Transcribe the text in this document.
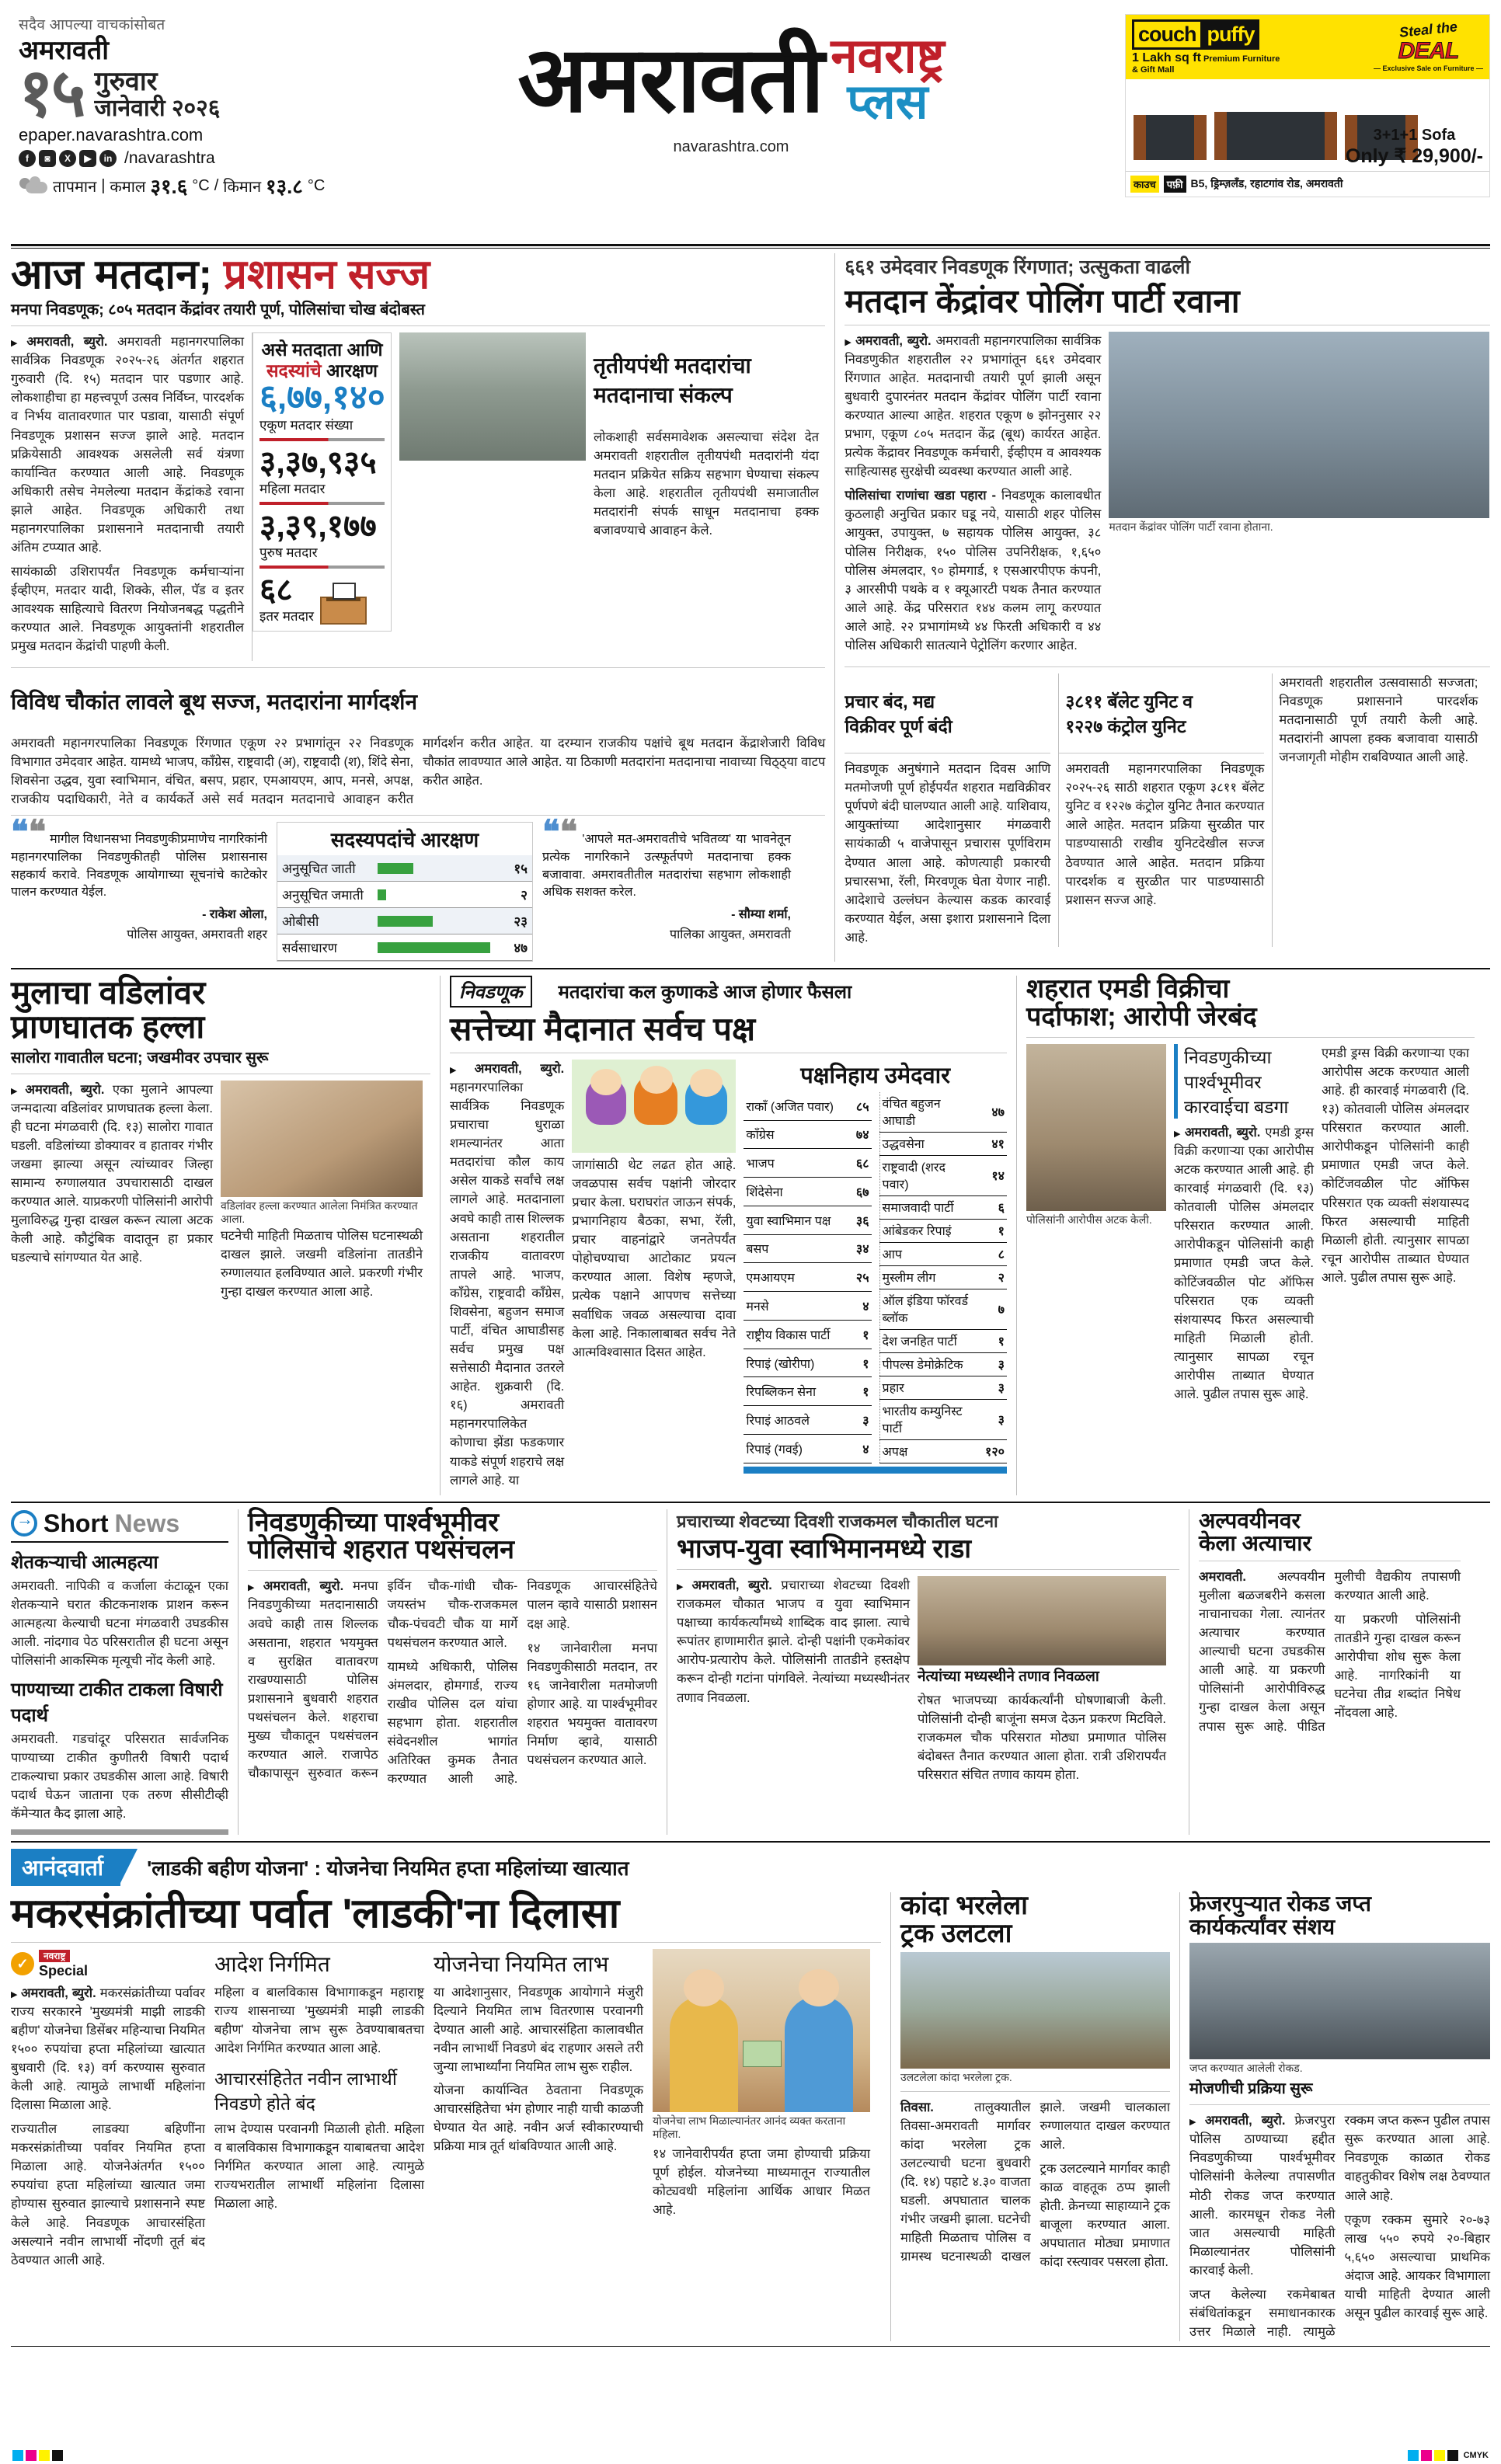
सदैव आपल्या वाचकांसोबत
अमरावती
१५ गुरुवार
जानेवारी २०२६
epaper.navarashtra.com
f	◙	X	▶	in /navarashtra
तापमान | कमाल ३१.६ °C / किमान १३.८ °C
अमरावती नवराष्ट्र
प्लस
navarashtra.com
couch puffy
1 Lakh sq ft Premium Furniture
& Gift Mall
Steal the
DEAL
— Exclusive Sale on Furniture —
3+1+1 Sofa
Only ₹ 29,900/-
काउच	पफ़ी B5, ड्रिम्ज़लँड, रहाटगांव रोड, अमरावती
आज मतदान; प्रशासन सज्ज
मनपा निवडणूक; ८०५ मतदान केंद्रांवर तयारी पूर्ण, पोलिसांचा चोख बंदोबस्त

▶ अमरावती, ब्युरो. अमरावती महानगरपालिका सार्वत्रिक निवडणूक २०२५-२६ अंतर्गत शहरात गुरुवारी (दि. १५) मतदान पार पडणार आहे. लोकशाहीचा हा महत्त्वपूर्ण उत्सव निर्विघ्न, पारदर्शक व निर्भय वातावरणात पार पडावा, यासाठी संपूर्ण निवडणूक प्रशासन सज्ज झाले आहे. मतदान प्रक्रियेसाठी आवश्यक असलेली सर्व यंत्रणा कार्यान्वित करण्यात आली आहे. निवडणूक अधिकारी तसेच नेमलेल्या मतदान केंद्रांकडे रवाना झाले आहेत. निवडणूक अधिकारी तथा महानगरपालिका प्रशासनाने मतदानाची तयारी अंतिम टप्प्यात आहे.

सायंकाळी उशिरापर्यंत निवडणूक कर्मचाऱ्यांना ईव्हीएम, मतदार यादी, शिक्के, सील, पॅड व इतर आवश्यक साहित्याचे वितरण नियोजनबद्ध पद्धतीने करण्यात आले. निवडणूक आयुक्तांनी शहरातील प्रमुख मतदान केंद्रांची पाहणी केली.

असे मतदाता आणि
सदस्यांचे आरक्षण
६,७७,१४०
एकूण मतदार संख्या
३,३७,९३५
महिला मतदार
३,३९,१७७
पुरुष मतदार
६८
इतर मतदार
तृतीयपंथी मतदारांचा
मतदानाचा संकल्प
लोकशाही सर्वसमावेशक असल्याचा संदेश देत अमरावती शहरातील तृतीयपंथी मतदारांनी यंदा मतदान प्रक्रियेत सक्रिय सहभाग घेण्याचा संकल्प केला आहे. शहरातील तृतीयपंथी समाजातील मतदारांनी संपर्क साधून मतदानाचा हक्क बजावण्याचे आवाहन केले.
विविध चौकांत लावले बूथ सज्ज, मतदारांना मार्गदर्शन
अमरावती महानगरपालिका निवडणूक रिंगणात एकूण २२ प्रभागांतून २२ निवडणूक विभागात उमेदवार आहेत. यामध्ये भाजप, काँग्रेस, राष्ट्रवादी (अ), राष्ट्रवादी (श), शिंदे सेना, शिवसेना उद्धव, युवा स्वाभिमान, वंचित, बसप, प्रहार, एमआयएम, आप, मनसे, अपक्ष, राजकीय पदाधिकारी, नेते व कार्यकर्ते असे सर्व मतदान मतदानाचे आवाहन करीत मार्गदर्शन करीत आहेत. या दरम्यान राजकीय पक्षांचे बूथ मतदान केंद्राशेजारी विविध चौकांत लावण्यात आले आहेत. या ठिकाणी मतदारांना मतदानाचा नावाच्या चिठ्ठ्या वाटप करीत आहेत.
❝❝ मागील विधानसभा निवडणुकीप्रमाणेच नागरिकांनी महानगरपालिका निवडणुकीतही पोलिस प्रशासनास सहकार्य करावे. निवडणूक आयोगाच्या सूचनांचे काटेकोर पालन करण्यात येईल.
- राकेश ओला,
पोलिस आयुक्त, अमरावती शहर
सदस्यपदांचे आरक्षण
अनुसूचित जाती		१५
अनुसूचित जमाती		२
ओबीसी		२३
सर्वसाधारण		४७
❝❝ 'आपले मत-अमरावतीचे भवितव्य' या भावनेतून प्रत्येक नागरिकाने उत्स्फूर्तपणे मतदानाचा हक्क बजावावा. अमरावतीतील मतदारांचा सहभाग लोकशाही अधिक सशक्त करेल.
- सौम्या शर्मा,
पालिका आयुक्त, अमरावती
६६१ उमेदवार निवडणूक रिंगणात; उत्सुकता वाढली
मतदान केंद्रांवर पोलिंग पार्टी रवाना

▶ अमरावती, ब्युरो. अमरावती महानगरपालिका सार्वत्रिक निवडणुकीत शहरातील २२ प्रभागांतून ६६१ उमेदवार रिंगणात आहेत. मतदानाची तयारी पूर्ण झाली असून बुधवारी दुपारनंतर मतदान केंद्रांवर पोलिंग पार्टी रवाना करण्यात आल्या आहेत. शहरात एकूण ७ झोननुसार २२ प्रभाग, एकूण ८०५ मतदान केंद्र (बूथ) कार्यरत आहेत. प्रत्येक केंद्रावर निवडणूक कर्मचारी, ईव्हीएम व आवश्यक साहित्यासह सुरक्षेची व्यवस्था करण्यात आली आहे.

पोलिसांचा राणांचा खडा पहारा - निवडणूक कालावधीत कुठलाही अनुचित प्रकार घडू नये, यासाठी शहर पोलिस आयुक्त, उपायुक्त, ७ सहायक पोलिस आयुक्त, ३८ पोलिस निरीक्षक, १५० पोलिस उपनिरीक्षक, १,६५० पोलिस अंमलदार, ९० होमगार्ड, १ एसआरपीएफ कंपनी, ३ आरसीपी पथके व १ क्यूआरटी पथक तैनात करण्यात आले आहे. केंद्र परिसरात १४४ कलम लागू करण्यात आले आहे. २२ प्रभागांमध्ये ४४ फिरती अधिकारी व ४४ पोलिस अधिकारी सातत्याने पेट्रोलिंग करणार आहेत.

मतदान केंद्रांवर पोलिंग पार्टी रवाना होताना.
प्रचार बंद, मद्य
विक्रीवर पूर्ण बंदी
निवडणूक अनुषंगाने मतदान दिवस आणि मतमोजणी पूर्ण होईपर्यंत शहरात मद्यविक्रीवर पूर्णपणे बंदी घालण्यात आली आहे. याशिवाय, आयुक्तांच्या आदेशानुसार मंगळवारी सायंकाळी ५ वाजेपासून प्रचारास पूर्णविराम देण्यात आला आहे. कोणत्याही प्रकारची प्रचारसभा, रॅली, मिरवणूक घेता येणार नाही. आदेशाचे उल्लंघन केल्यास कडक कारवाई करण्यात येईल, असा इशारा प्रशासनाने दिला आहे.
३८११ बॅलेट युनिट व
१२२७ कंट्रोल युनिट
अमरावती महानगरपालिका निवडणूक २०२५-२६ साठी शहरात एकूण ३८११ बॅलेट युनिट व १२२७ कंट्रोल युनिट तैनात करण्यात आले आहेत. मतदान प्रक्रिया सुरळीत पार पाडण्यासाठी राखीव युनिटदेखील सज्ज ठेवण्यात आले आहेत. मतदान प्रक्रिया पारदर्शक व सुरळीत पार पाडण्यासाठी प्रशासन सज्ज आहे.
अमरावती शहरातील उत्सवासाठी सज्जता; निवडणूक प्रशासनाने पारदर्शक मतदानासाठी पूर्ण तयारी केली आहे. मतदारांनी आपला हक्क बजावावा यासाठी जनजागृती मोहीम राबविण्यात आली आहे.
मुलाचा वडिलांवर
प्राणघातक हल्ला
सालोरा गावातील घटना; जखमीवर उपचार सुरू

▶ अमरावती, ब्युरो. एका मुलाने आपल्या जन्मदात्या वडिलांवर प्राणघातक हल्ला केला. ही घटना मंगळवारी (दि. १३) सालोरा गावात घडली. वडिलांच्या डोक्यावर व हातावर गंभीर जखमा झाल्या असून त्यांच्यावर जिल्हा सामान्य रुग्णालयात उपचारासाठी दाखल करण्यात आले. याप्रकरणी पोलिसांनी आरोपी मुलाविरुद्ध गुन्हा दाखल करून त्याला अटक केली आहे. कौटुंबिक वादातून हा प्रकार घडल्याचे सांगण्यात येत आहे.

वडिलांवर हल्ला करण्यात आलेला निमंत्रित करण्यात आला.
घटनेची माहिती मिळताच पोलिस घटनास्थळी दाखल झाले. जखमी वडिलांना तातडीने रुग्णालयात हलविण्यात आले. प्रकरणी गंभीर गुन्हा दाखल करण्यात आला आहे.
निवडणूक	मतदारांचा कल कुणाकडे आज होणार फैसला
सत्तेच्या मैदानात सर्वच पक्ष

▶ अमरावती, ब्युरो. महानगरपालिका सार्वत्रिक निवडणूक प्रचाराचा धुराळा शमल्यानंतर आता मतदारांचा कौल काय असेल याकडे सर्वांचे लक्ष लागले आहे. मतदानाला अवघे काही तास शिल्लक असताना शहरातील राजकीय वातावरण तापले आहे. भाजप, काँग्रेस, राष्ट्रवादी काँग्रेस, शिवसेना, बहुजन समाज पार्टी, वंचित आघाडीसह सर्वच प्रमुख पक्ष सत्तेसाठी मैदानात उतरले आहेत. शुक्रवारी (दि. १६) अमरावती महानगरपालिकेत कोणाचा झेंडा फडकणार याकडे संपूर्ण शहराचे लक्ष लागले आहे. या

जागांसाठी थेट लढत होत आहे. जवळपास सर्वच पक्षांनी जोरदार प्रचार केला. घराघरांत जाऊन संपर्क, प्रभागनिहाय बैठका, सभा, रॅली, प्रचार वाहनांद्वारे जनतेपर्यंत पोहोचण्याचा आटोकाट प्रयत्न करण्यात आला. विशेष म्हणजे, प्रत्येक पक्षाने आपणच सत्तेच्या सर्वाधिक जवळ असल्याचा दावा केला आहे. निकालाबाबत सर्वच नेते आत्मविश्वासात दिसत आहेत.
पक्षनिहाय उमेदवार
राकाँ (अजित पवार)	८५
काँग्रेस	७४
भाजप	६८
शिंदेसेना	६७
युवा स्वाभिमान पक्ष	३६
बसप	३४
एमआयएम	२५
मनसे	४
राष्ट्रीय विकास पार्टी	१
रिपाइं (खोरीपा)	१
रिपब्लिकन सेना	१
रिपाइं आठवले	३
रिपाइं (गवई)	४
वंचित बहुजन आघाडी	४७
उद्धवसेना	४१
राष्ट्रवादी (शरद पवार)	१४
समाजवादी पार्टी	६
आंबेडकर रिपाइं	१
आप	८
मुस्लीम लीग	२
ऑल इंडिया फॉरवर्ड ब्लॉक	७
देश जनहित पार्टी	१
पीपल्स डेमोक्रेटिक	३
प्रहार	३
भारतीय कम्युनिस्ट पार्टी	३
अपक्ष	१२०
शहरात एमडी विक्रीचा
पर्दाफाश; आरोपी जेरबंद
पोलिसांनी आरोपीस अटक केली.
निवडणुकीच्या
पार्श्वभूमीवर
कारवाईचा बडगा

▶ अमरावती, ब्युरो. एमडी ड्रग्स विक्री करणाऱ्या एका आरोपीस अटक करण्यात आली आहे. ही कारवाई मंगळवारी (दि. १३) कोतवाली पोलिस अंमलदार परिसरात करण्यात आली. आरोपीकडून पोलिसांनी काही प्रमाणात एमडी जप्त केले. कोटिंजवळील पोट ऑफिस परिसरात एक व्यक्ती संशयास्पद फिरत असल्याची माहिती मिळाली होती. त्यानुसार सापळा रचून आरोपीस ताब्यात घेण्यात आले. पुढील तपास सुरू आहे.

एमडी ड्रग्स विक्री करणाऱ्या एका आरोपीस अटक करण्यात आली आहे. ही कारवाई मंगळवारी (दि. १३) कोतवाली पोलिस अंमलदार परिसरात करण्यात आली. आरोपीकडून पोलिसांनी काही प्रमाणात एमडी जप्त केले. कोटिंजवळील पोट ऑफिस परिसरात एक व्यक्ती संशयास्पद फिरत असल्याची माहिती मिळाली होती. त्यानुसार सापळा रचून आरोपीस ताब्यात घेण्यात आले. पुढील तपास सुरू आहे.

→
Short News
शेतकऱ्याची आत्महत्या
अमरावती. नापिकी व कर्जाला कंटाळून एका शेतकऱ्याने घरात कीटकनाशक प्राशन करून आत्महत्या केल्याची घटना मंगळवारी उघडकीस आली. नांदगाव पेठ परिसरातील ही घटना असून पोलिसांनी आकस्मिक मृत्यूची नोंद केली आहे.
पाण्याच्या टाकीत टाकला विषारी पदार्थ
अमरावती. गडचांदूर परिसरात सार्वजनिक पाण्याच्या टाकीत कुणीतरी विषारी पदार्थ टाकल्याचा प्रकार उघडकीस आला आहे. विषारी पदार्थ घेऊन जाताना एक तरुण सीसीटीव्ही कॅमेऱ्यात कैद झाला आहे.
निवडणुकीच्या पार्श्वभूमीवर
पोलिसांचे शहरात पथसंचलन

▶ अमरावती, ब्युरो. मनपा निवडणुकीच्या मतदानासाठी अवघे काही तास शिल्लक असताना, शहरात भयमुक्त व सुरक्षित वातावरण राखण्यासाठी पोलिस प्रशासनाने बुधवारी शहरात पथसंचलन केले. शहराचा मुख्य चौकातून पथसंचलन करण्यात आले. राजापेठ चौकापासून सुरुवात करून इर्विन चौक-गांधी चौक-जयस्तंभ चौक-राजकमल चौक-पंचवटी चौक या मार्गे पथसंचलन करण्यात आले.

यामध्ये अधिकारी, पोलिस अंमलदार, होमगार्ड, राज्य राखीव पोलिस दल यांचा सहभाग होता. शहरातील संवेदनशील भागांत अतिरिक्त कुमक तैनात करण्यात आली आहे. निवडणूक आचारसंहितेचे पालन व्हावे यासाठी प्रशासन दक्ष आहे.

१४ जानेवारीला मनपा निवडणुकीसाठी मतदान, तर १६ जानेवारीला मतमोजणी होणार आहे. या पार्श्वभूमीवर शहरात भयमुक्त वातावरण निर्माण व्हावे, यासाठी पथसंचलन करण्यात आले.

प्रचाराच्या शेवटच्या दिवशी राजकमल चौकातील घटना
भाजप-युवा स्वाभिमानमध्ये राडा

▶ अमरावती, ब्युरो. प्रचाराच्या शेवटच्या दिवशी राजकमल चौकात भाजप व युवा स्वाभिमान पक्षाच्या कार्यकर्त्यांमध्ये शाब्दिक वाद झाला. त्याचे रूपांतर हाणामारीत झाले. दोन्ही पक्षांनी एकमेकांवर आरोप-प्रत्यारोप केले. पोलिसांनी तातडीने हस्तक्षेप करून दोन्ही गटांना पांगविले. नेत्यांच्या मध्यस्थीनंतर तणाव निवळला.

नेत्यांच्या मध्यस्थीने तणाव निवळला
रोषत भाजपच्या कार्यकर्त्यांनी घोषणाबाजी केली. पोलिसांनी दोन्ही बाजूंना समज देऊन प्रकरण मिटविले. राजकमल चौक परिसरात मोठ्या प्रमाणात पोलिस बंदोबस्त तैनात करण्यात आला होता. रात्री उशिरापर्यंत परिसरात संचित तणाव कायम होता.
अल्पवयीनवर
केला अत्याचार

अमरावती. अल्पवयीन मुलीला बळजबरीने कसला नाचानाचका गेला. त्यानंतर अत्याचार करण्यात आल्याची घटना उघडकीस आली आहे. या प्रकरणी पोलिसांनी आरोपीविरुद्ध गुन्हा दाखल केला असून तपास सुरू आहे. पीडित मुलीची वैद्यकीय तपासणी करण्यात आली आहे.

या प्रकरणी पोलिसांनी तातडीने गुन्हा दाखल करून आरोपीचा शोध सुरू केला आहे. नागरिकांनी या घटनेचा तीव्र शब्दांत निषेध नोंदवला आहे.

आनंदवार्ता	'लाडकी बहीण योजना' : योजनेचा नियमित हप्ता महिलांच्या खात्यात
मकरसंक्रांतीच्या पर्वात 'लाडकी'ना दिलासा
✓	नवराष्ट्र
Special

▶ अमरावती, ब्युरो. मकरसंक्रांतीच्या पर्वावर राज्य सरकारने 'मुख्यमंत्री माझी लाडकी बहीण' योजनेचा डिसेंबर महिन्याचा नियमित १५०० रुपयांचा हप्ता महिलांच्या खात्यात बुधवारी (दि. १३) वर्ग करण्यास सुरुवात केली आहे. त्यामुळे लाभार्थी महिलांना दिलासा मिळाला आहे.

राज्यातील लाडक्या बहिणींना मकरसंक्रांतीच्या पर्वावर नियमित हप्ता मिळाला आहे. योजनेअंतर्गत १५०० रुपयांचा हप्ता महिलांच्या खात्यात जमा होण्यास सुरुवात झाल्याचे प्रशासनाने स्पष्ट केले आहे. निवडणूक आचारसंहिता असल्याने नवीन लाभार्थी नोंदणी तूर्त बंद ठेवण्यात आली आहे.

आदेश निर्गमित
महिला व बालविकास विभागाकडून महाराष्ट्र राज्य शासनाच्या 'मुख्यमंत्री माझी लाडकी बहीण' योजनेचा लाभ सुरू ठेवण्याबाबतचा आदेश निर्गमित करण्यात आला आहे.
आचारसंहितेत नवीन लाभार्थी निवडणे होते बंद
लाभ देण्यास परवानगी मिळाली होती. महिला व बालविकास विभागाकडून याबाबतचा आदेश निर्गमित करण्यात आला आहे. त्यामुळे राज्यभरातील लाभार्थी महिलांना दिलासा मिळाला आहे.
योजनेचा नियमित लाभ
या आदेशानुसार, निवडणूक आयोगाने मंजुरी दिल्याने नियमित लाभ वितरणास परवानगी देण्यात आली आहे. आचारसंहिता कालावधीत नवीन लाभार्थी निवडणे बंद राहणार असले तरी जुन्या लाभार्थ्यांना नियमित लाभ सुरू राहील.
योजना कार्यान्वित ठेवताना निवडणूक आचारसंहितेचा भंग होणार नाही याची काळजी घेण्यात येत आहे. नवीन अर्ज स्वीकारण्याची प्रक्रिया मात्र तूर्त थांबविण्यात आली आहे.
योजनेचा लाभ मिळाल्यानंतर आनंद व्यक्त करताना महिला.
१४ जानेवारीपर्यंत हप्ता जमा होण्याची प्रक्रिया पूर्ण होईल. योजनेच्या माध्यमातून राज्यातील कोट्यवधी महिलांना आर्थिक आधार मिळत आहे.
कांदा भरलेला
ट्रक उलटला
उलटलेला कांदा भरलेला ट्रक.

तिवसा.	तालुक्यातील तिवसा-अमरावती मार्गावर कांदा भरलेला ट्रक उलटल्याची घटना बुधवारी (दि. १४) पहाटे ४.३० वाजता घडली. अपघातात चालक गंभीर जखमी झाला. घटनेची माहिती मिळताच पोलिस व ग्रामस्थ घटनास्थळी दाखल झाले. जखमी चालकाला रुग्णालयात दाखल करण्यात आले.

ट्रक उलटल्याने मार्गावर काही काळ वाहतूक ठप्प झाली होती. क्रेनच्या साहाय्याने ट्रक बाजूला करण्यात आला. अपघातात मोठ्या प्रमाणात कांदा रस्त्यावर पसरला होता.

फ्रेजरपुऱ्यात रोकड जप्त
कार्यकर्त्यांवर संशय
जप्त करण्यात आलेली रोकड.
मोजणीची प्रक्रिया सुरू

▶ अमरावती, ब्युरो. फ्रेजरपुरा पोलिस ठाण्याच्या हद्दीत निवडणुकीच्या पार्श्वभूमीवर पोलिसांनी केलेल्या तपासणीत मोठी रोकड जप्त करण्यात आली. कारमधून रोकड नेली जात असल्याची माहिती मिळाल्यानंतर पोलिसांनी कारवाई केली.

जप्त केलेल्या रकमेबाबत संबंधितांकडून समाधानकारक उत्तर मिळाले नाही. त्यामुळे रक्कम जप्त करून पुढील तपास सुरू करण्यात आला आहे. निवडणूक काळात रोकड वाहतुकीवर विशेष लक्ष ठेवण्यात आले आहे.

एकूण रक्कम सुमारे २०-७३ लाख ५५० रुपये २०-बिहार ५,६५० असल्याचा प्राथमिक अंदाज आहे. आयकर विभागाला याची माहिती देण्यात आली असून पुढील कारवाई सुरू आहे.

CMYK
